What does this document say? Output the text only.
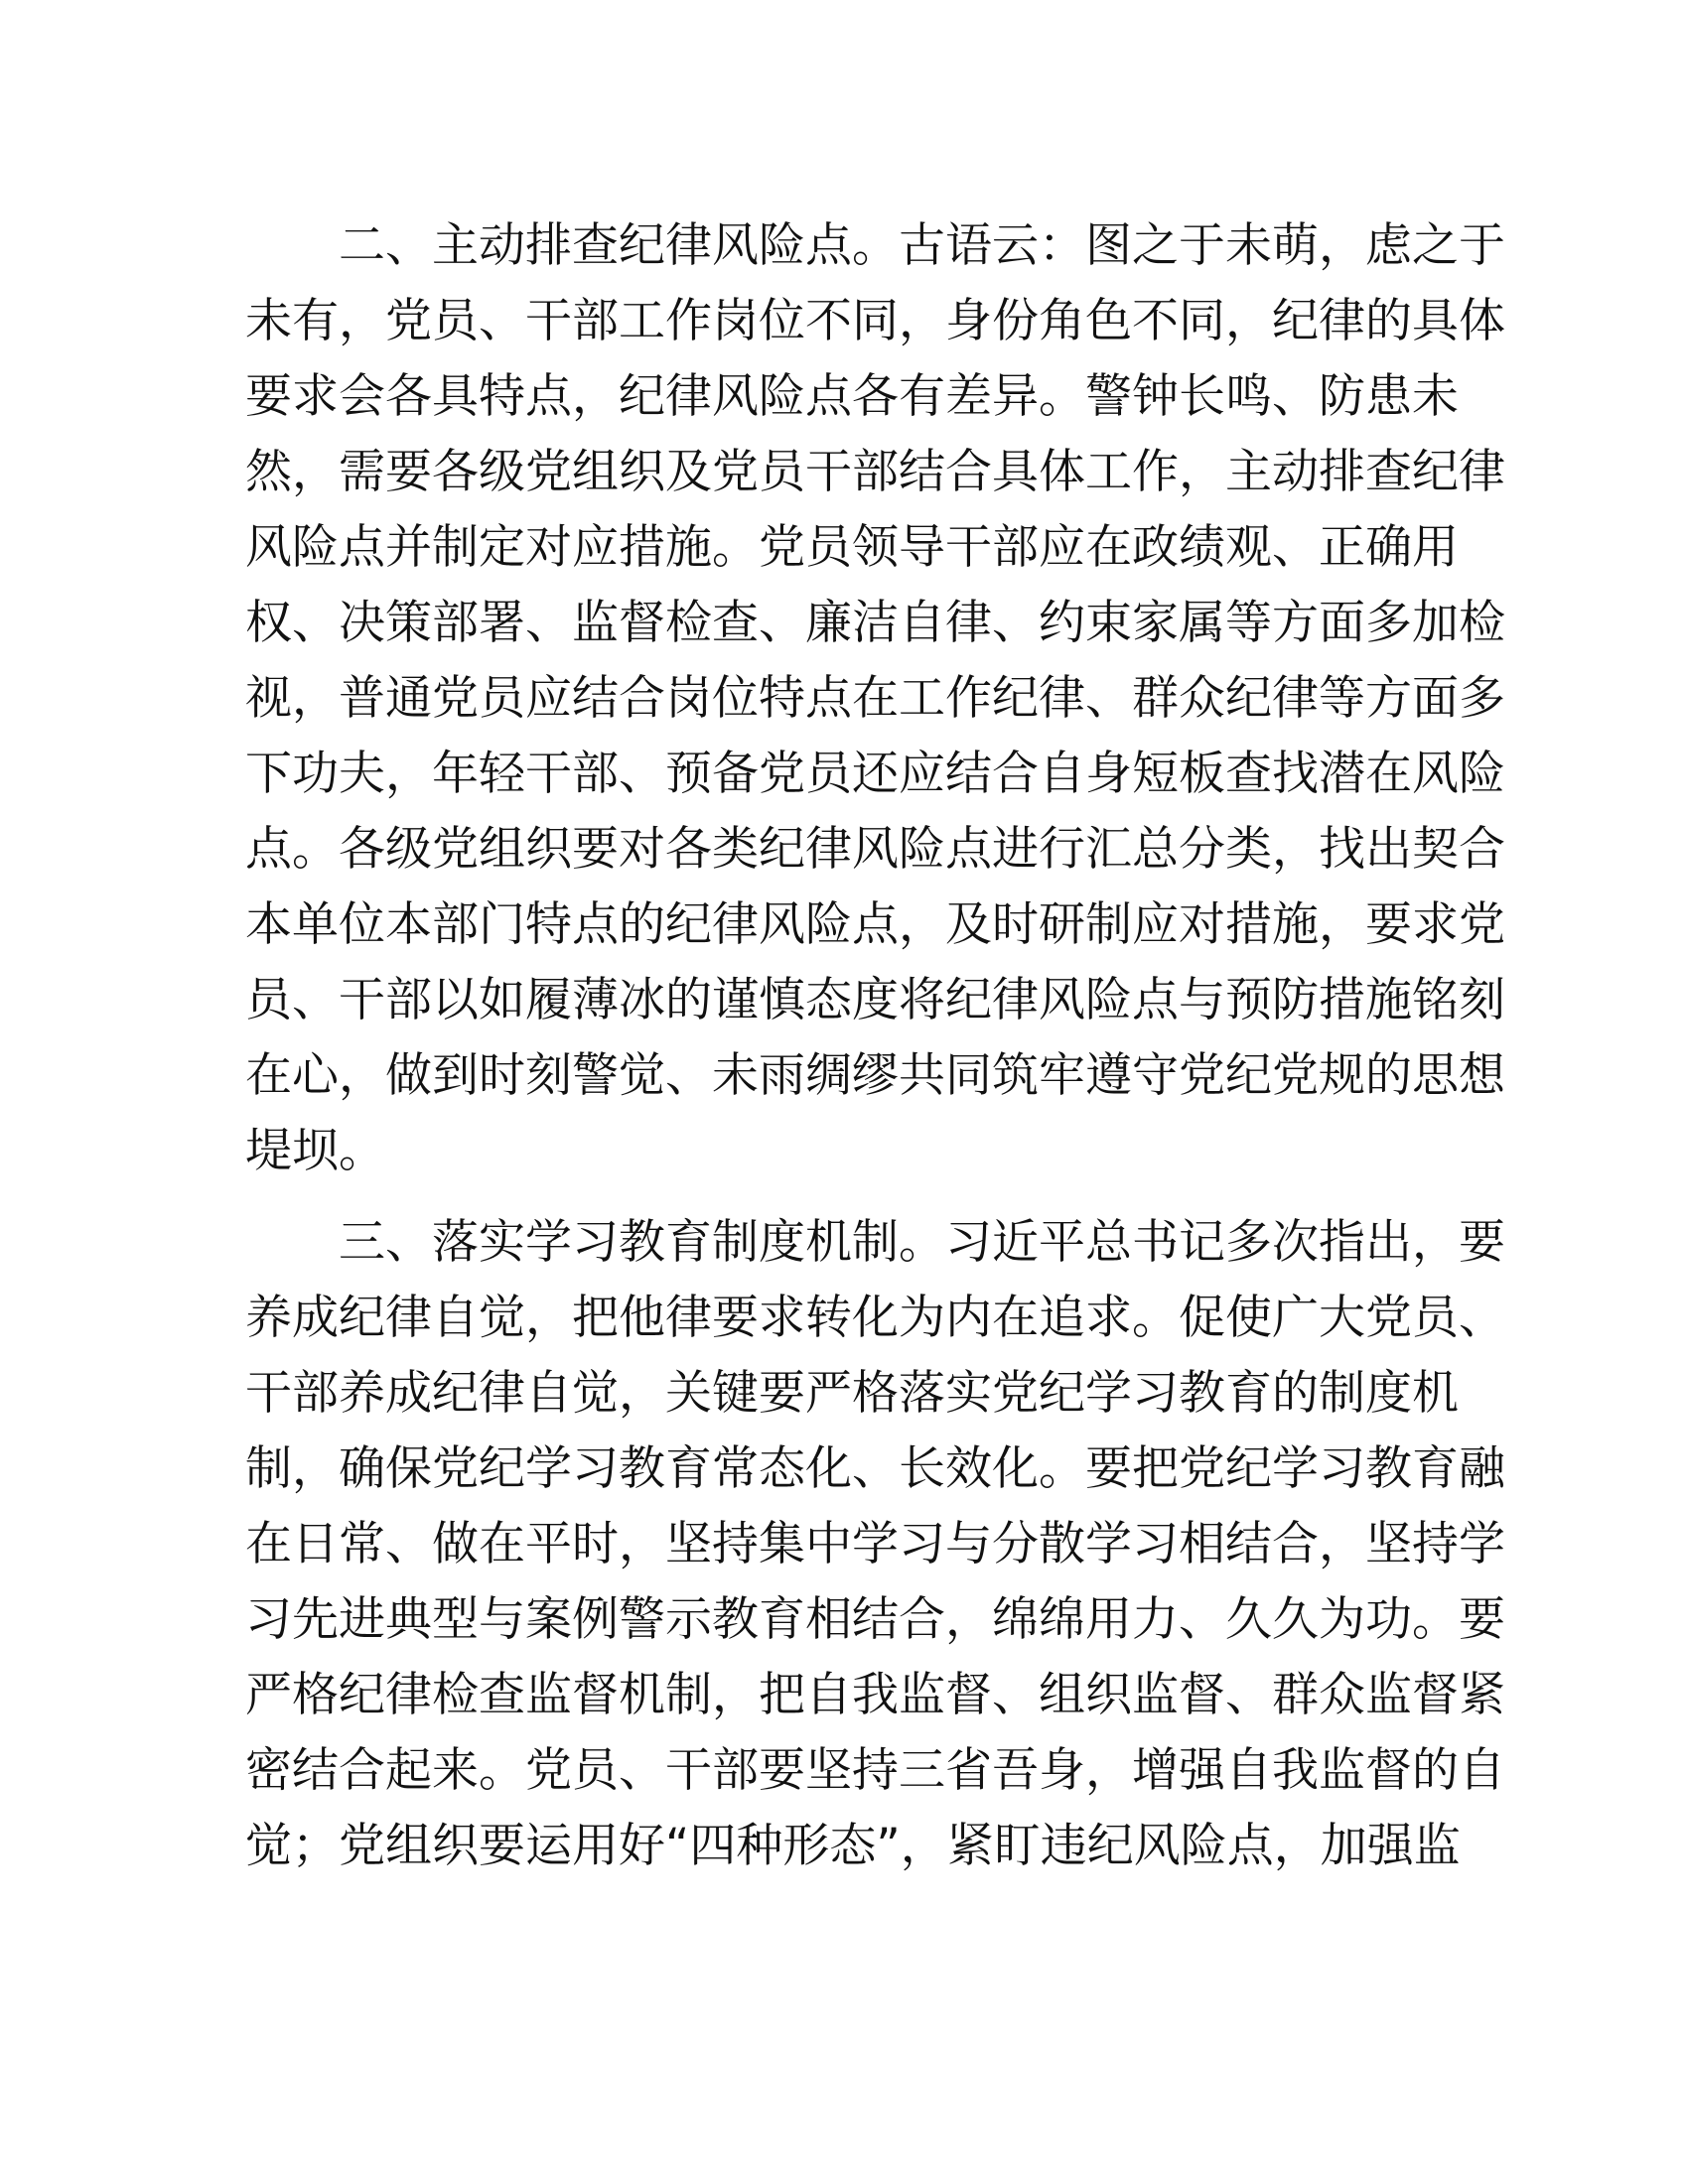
二、主动排查纪律风险点。古语云：图之于未萌，虑之于
未有，党员、干部工作岗位不同，身份角色不同，纪律的具体
要求会各具特点，纪律风险点各有差异。警钟长鸣、防患未
然，需要各级党组织及党员干部结合具体工作，主动排查纪律
风险点并制定对应措施。党员领导干部应在政绩观、正确用
权、决策部署、监督检查、廉洁自律、约束家属等方面多加检
视，普通党员应结合岗位特点在工作纪律、群众纪律等方面多
下功夫，年轻干部、预备党员还应结合自身短板查找潜在风险
点。各级党组织要对各类纪律风险点进行汇总分类，找出契合
本单位本部门特点的纪律风险点，及时研制应对措施，要求党
员、干部以如履薄冰的谨慎态度将纪律风险点与预防措施铭刻
在心，做到时刻警觉、未雨绸缪共同筑牢遵守党纪党规的思想
堤坝。
三、落实学习教育制度机制。习近平总书记多次指出，要
养成纪律自觉，把他律要求转化为内在追求。促使广大党员、
干部养成纪律自觉，关键要严格落实党纪学习教育的制度机
制，确保党纪学习教育常态化、长效化。要把党纪学习教育融
在日常、做在平时，坚持集中学习与分散学习相结合，坚持学
习先进典型与案例警示教育相结合，绵绵用力、久久为功。要
严格纪律检查监督机制，把自我监督、组织监督、群众监督紧
密结合起来。党员、干部要坚持三省吾身，增强自我监督的自
觉；党组织要运用好“四种形态”，紧盯违纪风险点，加强监
